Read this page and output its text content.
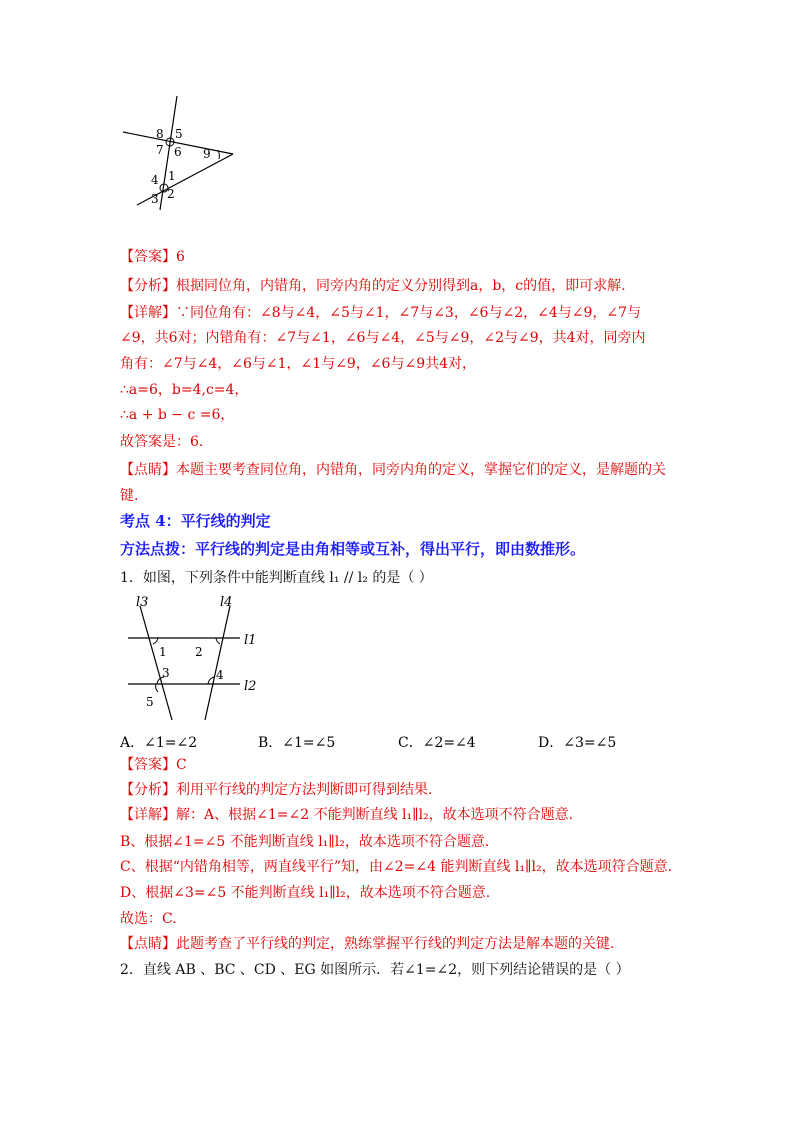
8 5
7 6 9
4 1
3 2
【答案】6
【分析】根据同位角，内错角，同旁内角的定义分别得到a，b，c的值，即可求解.
【详解】∵同位角有：∠8与∠4，∠5与∠1，∠7与∠3，∠6与∠2，∠4与∠9，∠7与
∠9，共6对；内错角有：∠7与∠1，∠6与∠4，∠5与∠9，∠2与∠9，共4对，同旁内
角有：∠7与∠4，∠6与∠1，∠1与∠9，∠6与∠9共4对，
∴a=6，b=4,c=4，
∴a + b − c =6，
故答案是：6.
【点睛】本题主要考查同位角，内错角，同旁内角的定义，掌握它们的定义，是解题的关
键.
考点 4：平行线的判定
方法点拨：平行线的判定是由角相等或互补，得出平行，即由数推形。
1．如图，下列条件中能判断直线 l₁ // l₂ 的是（ ）
l3	l4
l1
l2
1 2
3	4
5
A．∠1=∠2	B．∠1=∠5	C．∠2=∠4	D．∠3=∠5
【答案】C
【分析】利用平行线的判定方法判断即可得到结果.
【详解】解：A、根据∠1=∠2 不能判断直线 l₁∥l₂，故本选项不符合题意.
B、根据∠1=∠5 不能判断直线 l₁∥l₂，故本选项不符合题意.
C、根据“内错角相等，两直线平行”知，由∠2=∠4 能判断直线 l₁∥l₂，故本选项符合题意.
D、根据∠3=∠5 不能判断直线 l₁∥l₂，故本选项不符合题意.
故选：C.
【点睛】此题考查了平行线的判定，熟练掌握平行线的判定方法是解本题的关键.
2．直线 AB 、BC 、CD 、EG 如图所示．若∠1=∠2，则下列结论错误的是（ ）
